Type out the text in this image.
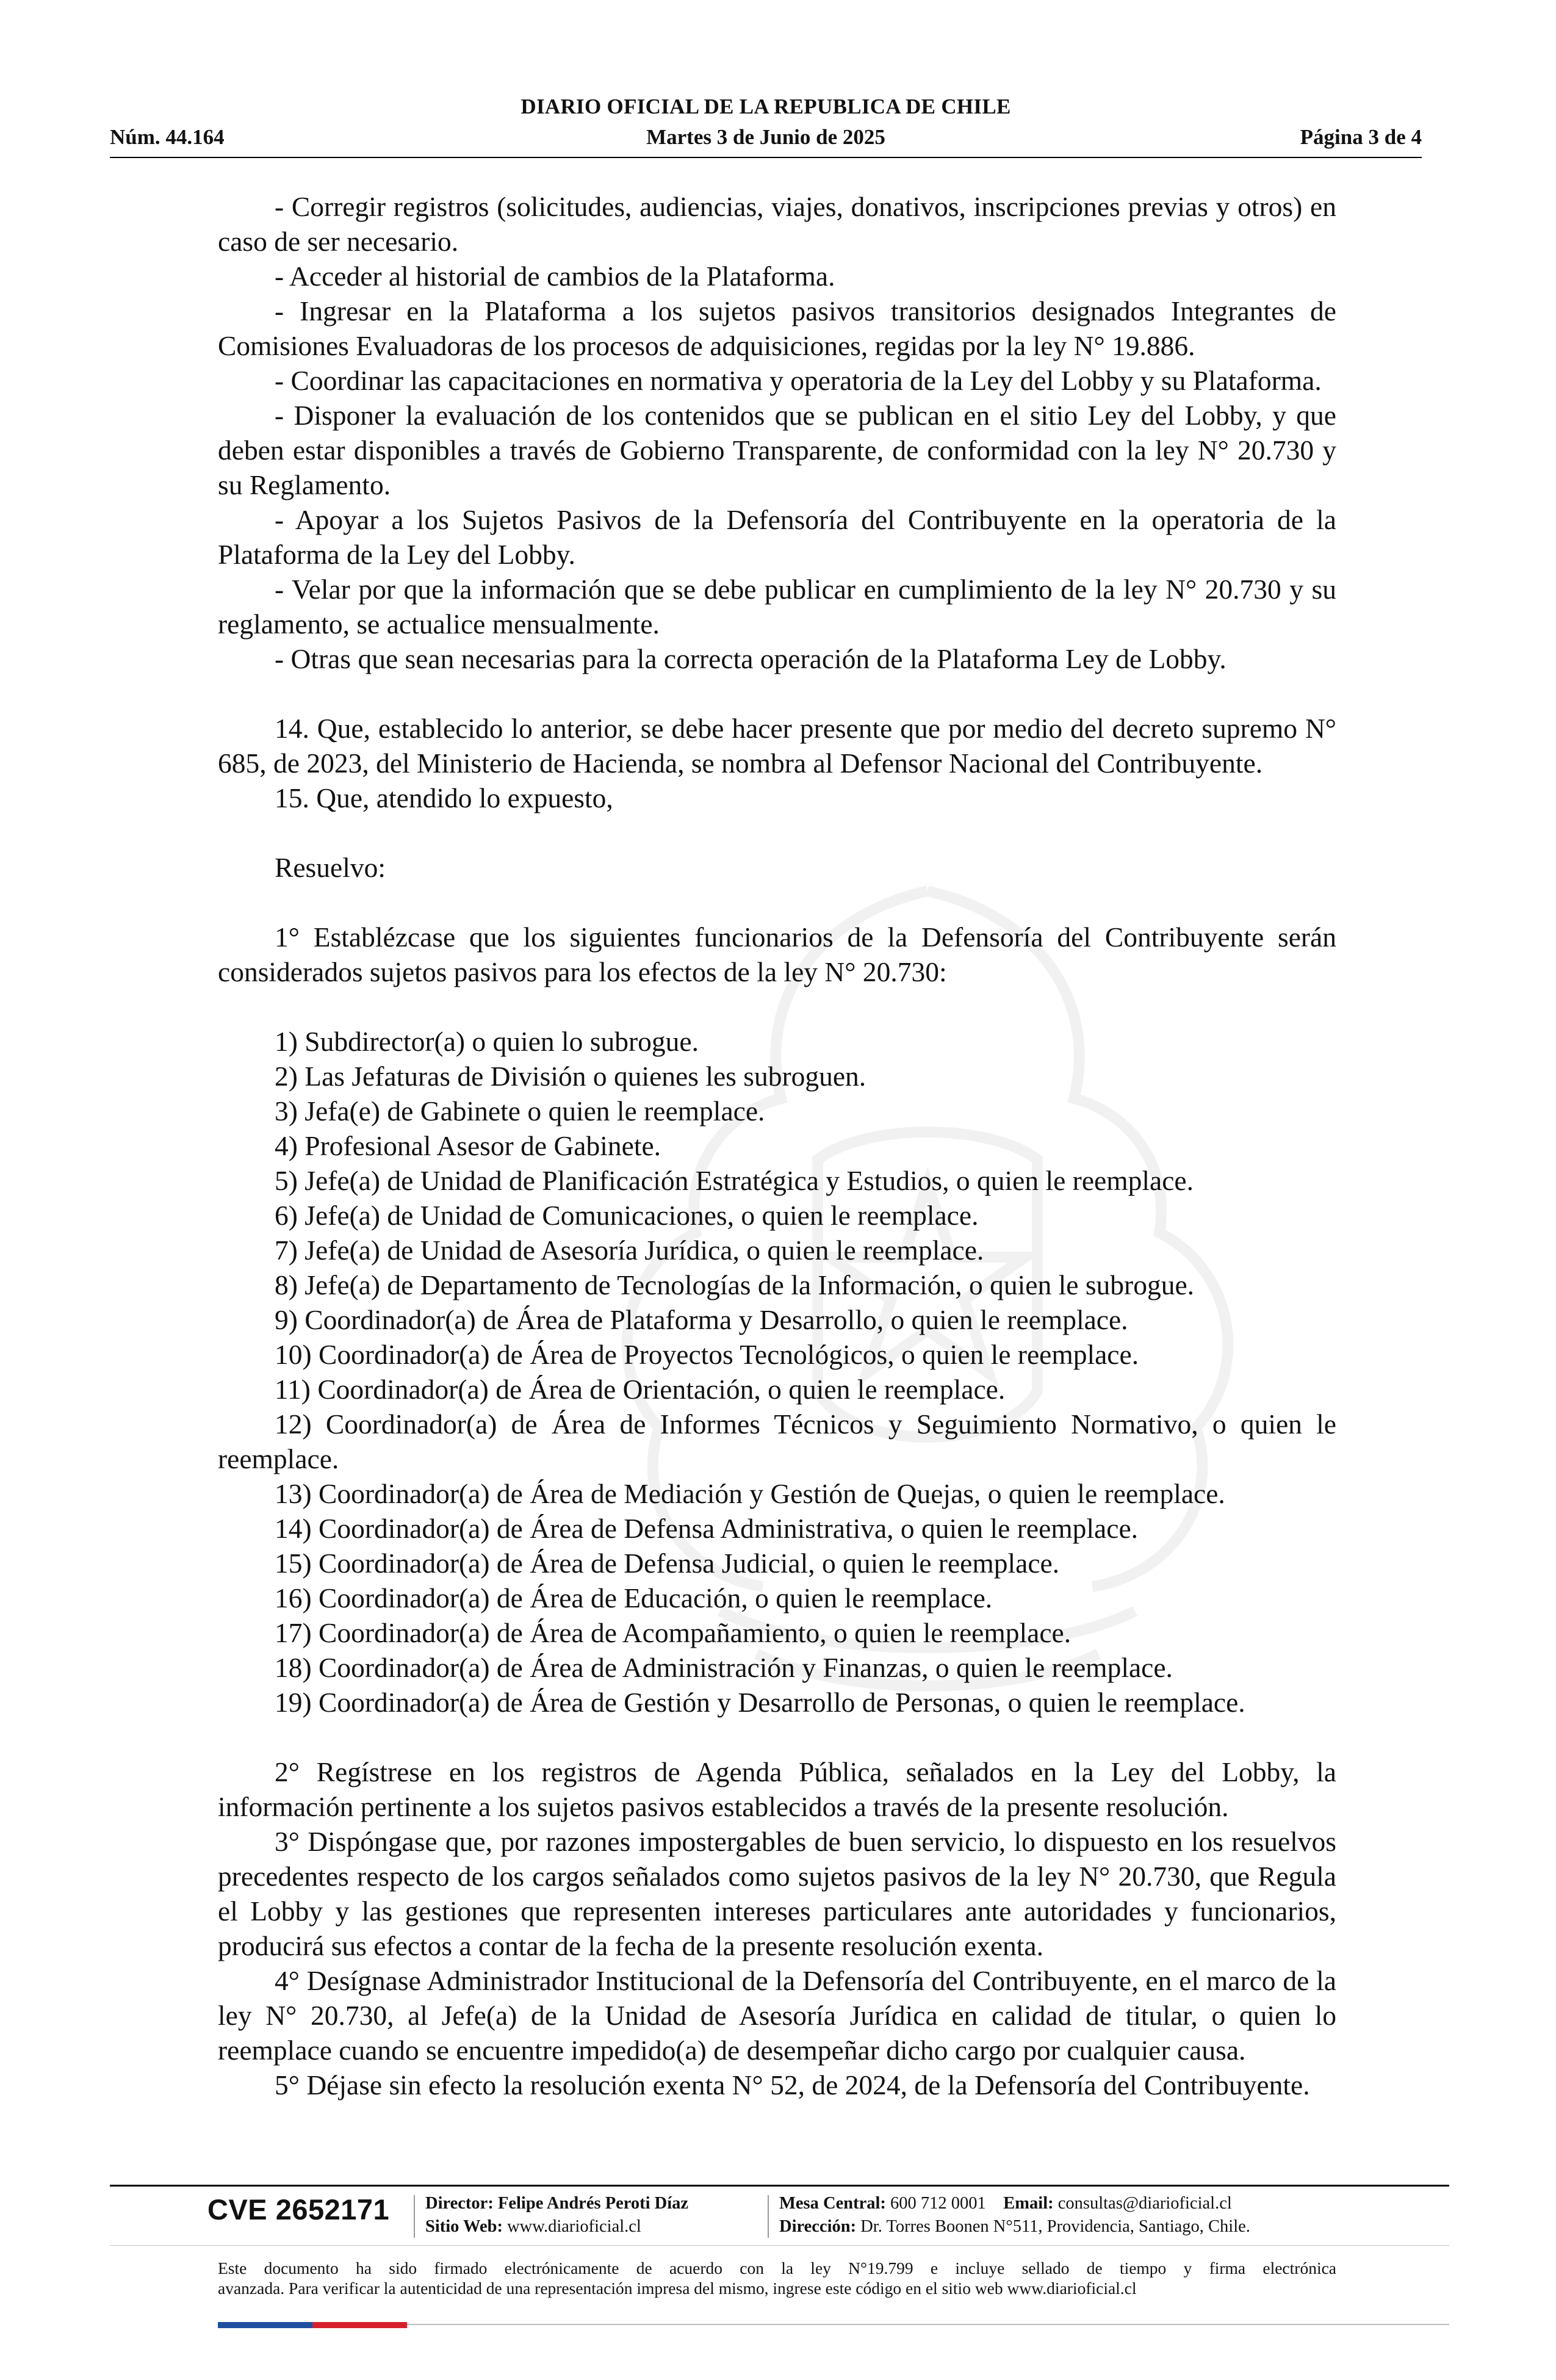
DIARIO OFICIAL DE LA REPUBLICA DE CHILE
Núm. 44.164	Martes 3 de Junio de 2025	Página 3 de 4

- Corregir registros (solicitudes, audiencias, viajes, donativos, inscripciones previas y otros) en caso de ser necesario.

- Acceder al historial de cambios de la Plataforma.

- Ingresar en la Plataforma a los sujetos pasivos transitorios designados Integrantes de Comisiones Evaluadoras de los procesos de adquisiciones, regidas por la ley N° 19.886.

- Coordinar las capacitaciones en normativa y operatoria de la Ley del Lobby y su Plataforma.

- Disponer la evaluación de los contenidos que se publican en el sitio Ley del Lobby, y que deben estar disponibles a través de Gobierno Transparente, de conformidad con la ley N° 20.730 y su Reglamento.

- Apoyar a los Sujetos Pasivos de la Defensoría del Contribuyente en la operatoria de la Plataforma de la Ley del Lobby.

- Velar por que la información que se debe publicar en cumplimiento de la ley N° 20.730 y su reglamento, se actualice mensualmente.

- Otras que sean necesarias para la correcta operación de la Plataforma Ley de Lobby.

14. Que, establecido lo anterior, se debe hacer presente que por medio del decreto supremo N° 685, de 2023, del Ministerio de Hacienda, se nombra al Defensor Nacional del Contribuyente.

15. Que, atendido lo expuesto,

Resuelvo:

1° Establézcase que los siguientes funcionarios de la Defensoría del Contribuyente serán considerados sujetos pasivos para los efectos de la ley N° 20.730:

1) Subdirector(a) o quien lo subrogue.

2) Las Jefaturas de División o quienes les subroguen.

3) Jefa(e) de Gabinete o quien le reemplace.

4) Profesional Asesor de Gabinete.

5) Jefe(a) de Unidad de Planificación Estratégica y Estudios, o quien le reemplace.

6) Jefe(a) de Unidad de Comunicaciones, o quien le reemplace.

7) Jefe(a) de Unidad de Asesoría Jurídica, o quien le reemplace.

8) Jefe(a) de Departamento de Tecnologías de la Información, o quien le subrogue.

9) Coordinador(a) de Área de Plataforma y Desarrollo, o quien le reemplace.

10) Coordinador(a) de Área de Proyectos Tecnológicos, o quien le reemplace.

11) Coordinador(a) de Área de Orientación, o quien le reemplace.

12) Coordinador(a) de Área de Informes Técnicos y Seguimiento Normativo, o quien le reemplace.

13) Coordinador(a) de Área de Mediación y Gestión de Quejas, o quien le reemplace.

14) Coordinador(a) de Área de Defensa Administrativa, o quien le reemplace.

15) Coordinador(a) de Área de Defensa Judicial, o quien le reemplace.

16) Coordinador(a) de Área de Educación, o quien le reemplace.

17) Coordinador(a) de Área de Acompañamiento, o quien le reemplace.

18) Coordinador(a) de Área de Administración y Finanzas, o quien le reemplace.

19) Coordinador(a) de Área de Gestión y Desarrollo de Personas, o quien le reemplace.

2° Regístrese en los registros de Agenda Pública, señalados en la Ley del Lobby, la información pertinente a los sujetos pasivos establecidos a través de la presente resolución.

3° Dispóngase que, por razones impostergables de buen servicio, lo dispuesto en los resuelvos precedentes respecto de los cargos señalados como sujetos pasivos de la ley N° 20.730, que Regula el Lobby y las gestiones que representen intereses particulares ante autoridades y funcionarios, producirá sus efectos a contar de la fecha de la presente resolución exenta.

4° Desígnase Administrador Institucional de la Defensoría del Contribuyente, en el marco de la ley N° 20.730, al Jefe(a) de la Unidad de Asesoría Jurídica en calidad de titular, o quien lo reemplace cuando se encuentre impedido(a) de desempeñar dicho cargo por cualquier causa.

5° Déjase sin efecto la resolución exenta N° 52, de 2024, de la Defensoría del Contribuyente.

CVE 2652171 Director: Felipe Andrés Peroti Díaz
Sitio Web: www.diarioficial.cl
Mesa Central: 600 712 0001 Email: consultas@diarioficial.cl
Dirección: Dr. Torres Boonen N°511, Providencia, Santiago, Chile.
Este documento ha sido firmado electrónicamente de acuerdo con la ley N°19.799 e incluye sellado de tiempo y firma electrónica
avanzada. Para verificar la autenticidad de una representación impresa del mismo, ingrese este código en el sitio web www.diarioficial.cl
